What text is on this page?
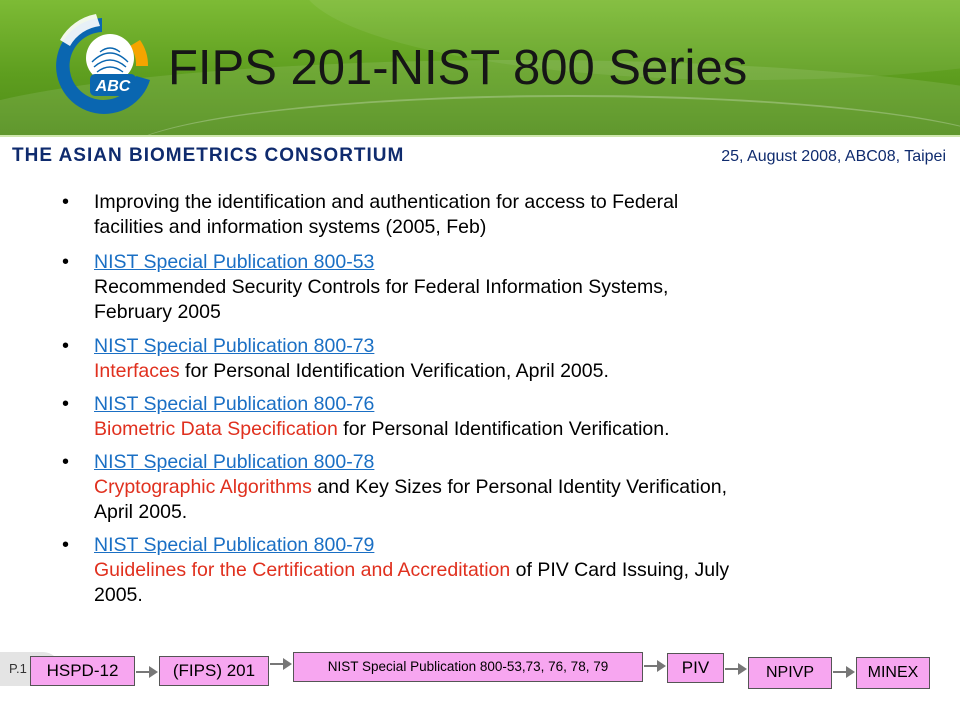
ABC FIPS 201-NIST 800 Series
THE ASIAN BIOMETRICS CONSORTIUM	25, August 2008, ABC08, Taipei
• Improving the identification and authentication for access to Federal
facilities and information systems (2005, Feb)
• NIST Special Publication 800-53
Recommended Security Controls for Federal Information Systems,
February 2005
• NIST Special Publication 800-73
Interfaces for Personal Identification Verification, April 2005.
• NIST Special Publication 800-76
Biometric Data Specification for Personal Identification Verification.
• NIST Special Publication 800-78
Cryptographic Algorithms and Key Sizes for Personal Identity Verification,
April 2005.
• NIST Special Publication 800-79
Guidelines for the Certification and Accreditation of PIV Card Issuing, July
2005.
P.1	HSPD-12	(FIPS) 201	NIST Special Publication 800-53,73, 76, 78, 79	PIV	NPIVP	MINEX
